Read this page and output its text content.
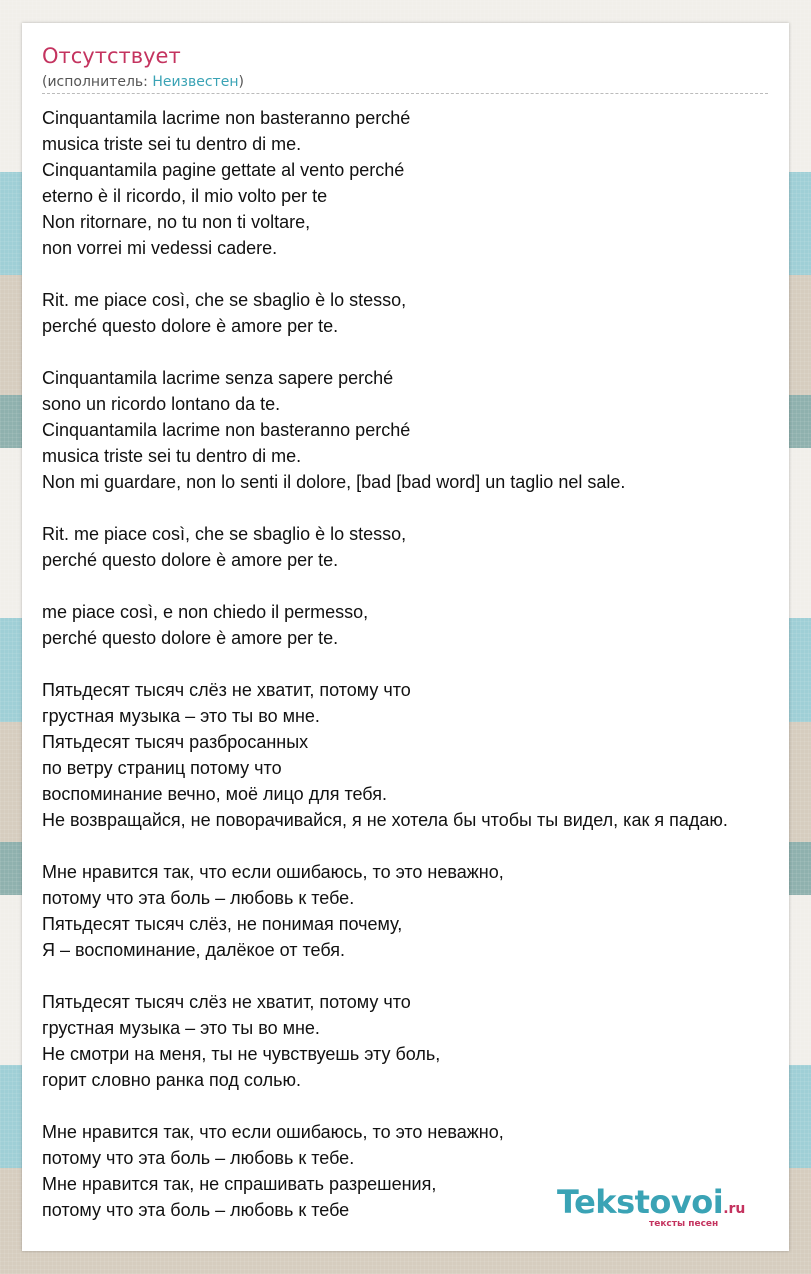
Отсутствует
(исполнитель: Неизвестен)
Cinquantamila lacrime non basteranno perché
musica triste sei tu dentro di me.
Cinquantamila pagine gettate al vento perché
eterno è il ricordo, il mio volto per te
Non ritornare, no tu non ti voltare,
non vorrei mi vedessi cadere.
Rit. me piace così, che se sbaglio è lo stesso,
perché questo dolore è amore per te.
Cinquantamila lacrime senza sapere perché
sono un ricordo lontano da te.
Cinquantamila lacrime non basteranno perché
musica triste sei tu dentro di me.
Non mi guardare, non lo senti il dolore, [bad [bad word] un taglio nel sale.
Rit. me piace così, che se sbaglio è lo stesso,
perché questo dolore è amore per te.
me piace così, e non chiedo il permesso,
perché questo dolore è amore per te.
Пятьдесят тысяч слёз не хватит, потому что
грустная музыка – это ты во мне.
Пятьдесят тысяч разбросанных
по ветру страниц потому что
воспоминание вечно, моё лицо для тебя.
Не возвращайся, не поворачивайся, я не хотела бы чтобы ты видел, как я падаю.
Мне нравится так, что если ошибаюсь, то это неважно,
потому что эта боль – любовь к тебе.
Пятьдесят тысяч слёз, не понимая почему,
Я – воспоминание, далёкое от тебя.
Пятьдесят тысяч слёз не хватит, потому что
грустная музыка – это ты во мне.
Не смотри на меня, ты не чувствуешь эту боль,
горит словно ранка под солью.
Мне нравится так, что если ошибаюсь, то это неважно,
потому что эта боль – любовь к тебе.
Мне нравится так, не спрашивать разрешения,
потому что эта боль – любовь к тебе	Tekstovoi.ru
тексты песен
